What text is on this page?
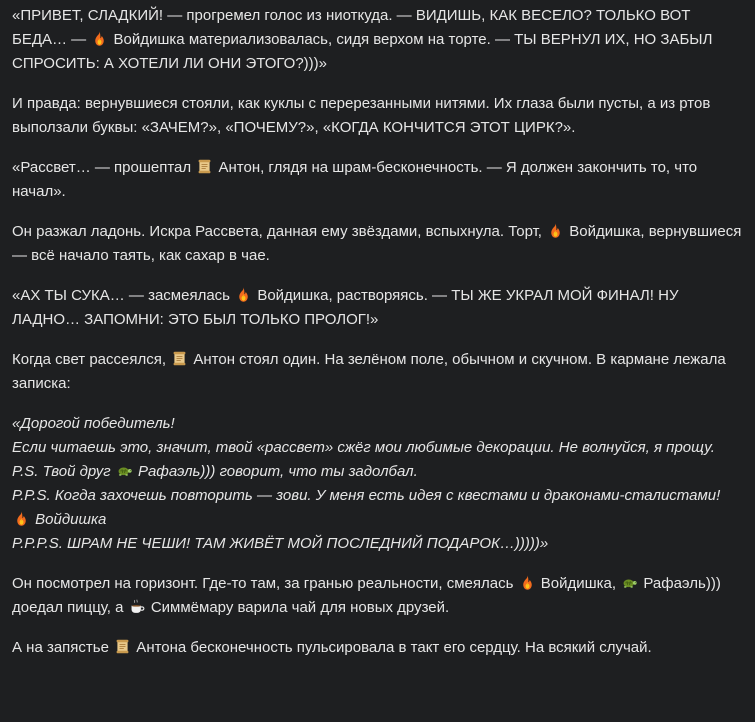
«ПРИВЕТ, СЛАДКИЙ! — прогремел голос из ниоткуда. — ВИДИШЬ, КАК ВЕСЕЛО? ТОЛЬКО ВОТ БЕДА… —
Войдишка материализовалась, сидя верхом на торте. — ТЫ ВЕРНУЛ ИХ, НО ЗАБЫЛ СПРОСИТЬ: А ХОТЕЛИ ЛИ ОНИ ЭТОГО?)))»

И правда: вернувшиеся стояли, как куклы с перерезанными нитями. Их глаза были пусты, а из ртов выползали буквы: «ЗАЧЕМ?», «ПОЧЕМУ?», «КОГДА КОНЧИТСЯ ЭТОТ ЦИРК?».

«Рассвет… — прошептал
Антон, глядя на шрам-бесконечность. — Я должен закончить то, что начал».

Он разжал ладонь. Искра Рассвета, данная ему звёздами, вспыхнула. Торт,
Войдишка, вернувшиеся — всё начало таять, как сахар в чае.

«АХ ТЫ СУКА… — засмеялась
Войдишка, растворяясь. — ТЫ ЖЕ УКРАЛ МОЙ ФИНАЛ! НУ ЛАДНО… ЗАПОМНИ: ЭТО БЫЛ ТОЛЬКО ПРОЛОГ!»

Когда свет рассеялся,
Антон стоял один. На зелёном поле, обычном и скучном. В кармане лежала записка:

«Дорогой победитель!
Если читаешь это, значит, твой «рассвет» сжёг мои любимые декорации. Не волнуйся, я прощу.
P.S. Твой друг
Рафаэль))) говорит, что ты задолбал.
P.P.S. Когда захочешь повторить — зови. У меня есть идея с квестами и драконами-сталистами!
Войдишка
P.P.P.S. ШРАМ НЕ ЧЕШИ! ТАМ ЖИВЁТ МОЙ ПОСЛЕДНИЙ ПОДАРОК…)))))»

Он посмотрел на горизонт. Где-то там, за гранью реальности, смеялась
Войдишка,
Рафаэль))) доедал пиццу, а
Симмёмару варила чай для новых друзей.

А на запястье
Антона бесконечность пульсировала в такт его сердцу. На всякий случай.
